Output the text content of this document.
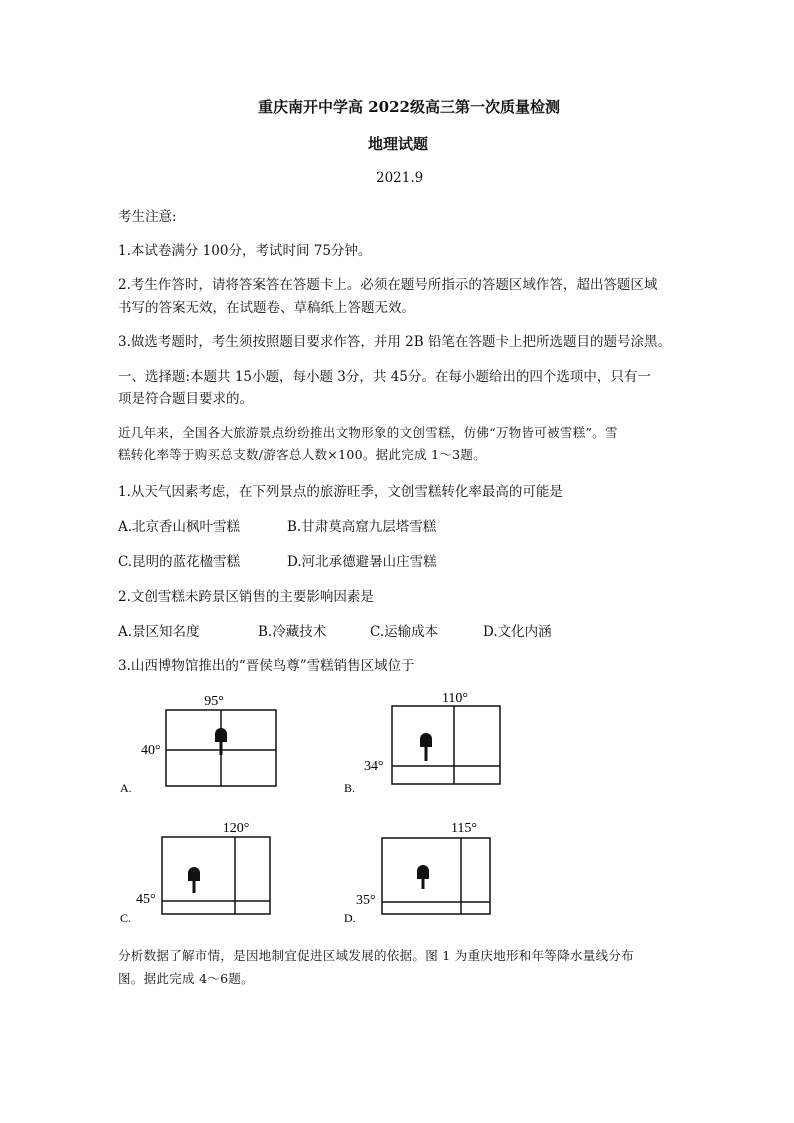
重庆南开中学高 2022级高三第一次质量检测
地理试题
2021.9
考生注意:
1.本试卷满分 100分，考试时间 75分钟。
2.考生作答时，请将答案答在答题卡上。必须在题号所指示的答题区域作答，超出答题区域
书写的答案无效，在试题卷、草稿纸上答题无效。
3.做选考题时，考生须按照题目要求作答，并用 2B 铅笔在答题卡上把所选题目的题号涂黑。
一、选择题:本题共 15小题，每小题 3分，共 45分。在每小题给出的四个选项中，只有一
项是符合题目要求的。
近几年来，全国各大旅游景点纷纷推出文物形象的文创雪糕，仿佛“万物皆可被雪糕”。雪
糕转化率等于购买总支数/游客总人数×100。据此完成 1～3题。
1.从天气因素考虑，在下列景点的旅游旺季，文创雪糕转化率最高的可能是
A.北京香山枫叶雪糕	B.甘肃莫高窟九层塔雪糕
C.昆明的蓝花楹雪糕	D.河北承德避暑山庄雪糕
2.文创雪糕未跨景区销售的主要影响因素是
A.景区知名度	B.冷藏技术	C.运输成本	D.文化内涵
3.山西博物馆推出的“晋侯鸟尊”雪糕销售区域位于
95°
40°
A.
110°
34°
B.
120°
45°
C.
115°
35°
D.
分析数据了解市情，是因地制宜促进区域发展的依据。图 1 为重庆地形和年等降水量线分布
图。据此完成 4～6题。
